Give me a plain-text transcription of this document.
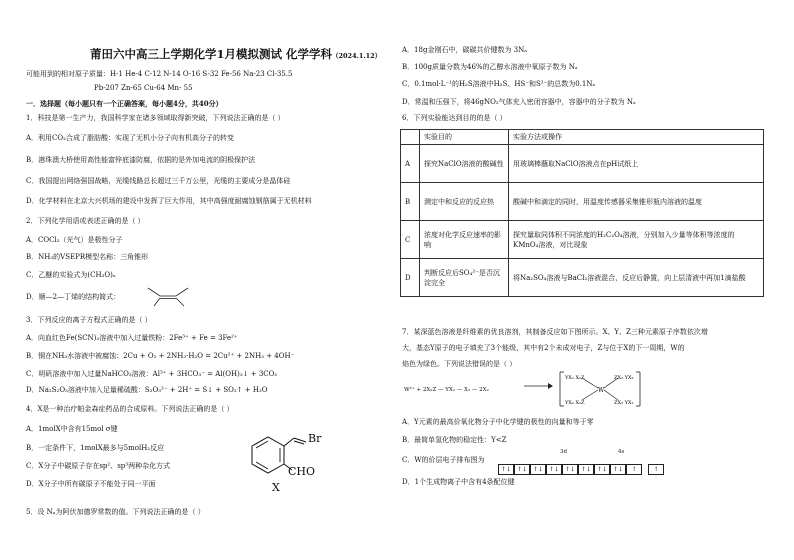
莆田六中高三上学期化学1月模拟测试 化学学科（2024.1.12）
可能用到的相对原子质量：H-1 He-4 C-12 N-14 O-16 S-32 Fe-56 Na-23 Cl-35.5
Pb-207 Zn-65 Cu-64 Mn- 55
一．选择题（每小题只有一个正确答案，每小题4分，共40分）
1．科技是第一生产力，我国科学家在诸多领域取得新突破，下列说法正确的是（ ）
A．利用CO₂合成了脂肪酸：实现了无机小分子向有机高分子的转变
B．港珠澳大桥使用高性能富锌底漆防腐，依据的是外加电流的阴极保护法
C．我国提出网络强国战略，光缆线路总长超过三千万公里，光缆的主要成分是晶体硅
D．化学材料在北京大兴机场的建设中发挥了巨大作用，其中高强度耐腐蚀钢筋属于无机材料
2．下列化学用语或表述正确的是（ ）
A．COCl₂（光气）是极性分子
B．NH₃的VSEPR模型名称：三角锥形
C．乙醚的实验式为(CH₃O)ₙ
D．顺—2—丁烯的结构简式：
3．下列反应的离子方程式正确的是（ ）
A．向血红色Fe(SCN)₃溶液中加入过量铁粉：2Fe³⁺ + Fe = 3Fe²⁺
B．铜在NH₃水溶液中被腐蚀：2Cu + O₂ + 2NH₃·H₂O = 2Cu²⁺ + 2NH₃ + 4OH⁻
C．明矾溶液中加入过量NaHCO₃溶液：Al³⁺ + 3HCO₃⁻ = Al(OH)₃↓ + 3CO₂
D．Na₂S₂O₃溶液中加入足量稀硫酸：S₂O₃²⁻ + 2H⁺ = S↓ + SO₂↑ + H₂O
4．X是一种治疗帕金森症药品的合成原料。下列说法正确的是（ ）
A．1molX中含有15mol σ键
B．一定条件下，1molX最多与5molH₂反应
C．X分子中碳原子存在sp²、sp³两种杂化方式
D．X分子中所有碳原子不能处于同一平面
Br
CHO
X
5．设 Nₐ为阿伏加德罗常数的值。下列说法正确的是（ ）
A．18g金刚石中，碳碳共价键数为 3Nₐ
B．100g质量分数为46%的乙醇水溶液中氧原子数为 Nₐ
C．0.1mol·L⁻¹的H₂S溶液中H₂S、HS⁻和S²⁻的总数为0.1Nₐ
D．常温和压强下，将46gNO₂气体充入密闭容器中，容器中的分子数为 Nₐ
6．下列实验能达到目的的是（ ）
	实验目的	实验方法或操作
A	探究NaClO溶液的酸碱性	用玻璃棒蘸取NaClO溶液点在pH试纸上
B	测定中和反应的反应热	酸碱中和滴定的同时，用温度传感器采集锥形瓶内溶液的温度
C	浓度对化学反应速率的影响	探究量取同体积不同浓度的H₂C₂O₄溶液，分别加入少量等体积等浓度的KMnO₄溶液，对比现象
D	判断反应后SO₄²⁻是否沉淀完全	将Na₂SO₄溶液与BaCl₂溶液混合，反应后静置，向上层清液中再加1滴盐酸
7．某深蓝色溶液是纤维素的优良溶剂，其制备反应如下图所示。X、Y、Z三种元素原子序数依次增
大，基态Y原子的电子填充了3个能级，其中有2个未成对电子，Z与位于X的下一周期，W的
焰色为绿色。下列说法错误的是（ ）
W²⁺ + 2X₂Z — YX₂ — X₂ — 2X₂	W
YX₂ X₂Z
YX₂ X₂Z
ZX₂ YX₂
ZX₂ YX₂
A．Y元素的最高价氧化物分子中化学键的极性的向量和等于零
B．最简单氢化物的稳定性：Y<Z
C．W的价层电子排布图为
3d	4s
↑↓ ↑↓ ↑↓ ↑↓ ↑↓ ↑↓ ↑↓ ↑↓ ↑	↑
D．1个生成物离子中含有4条配位键
